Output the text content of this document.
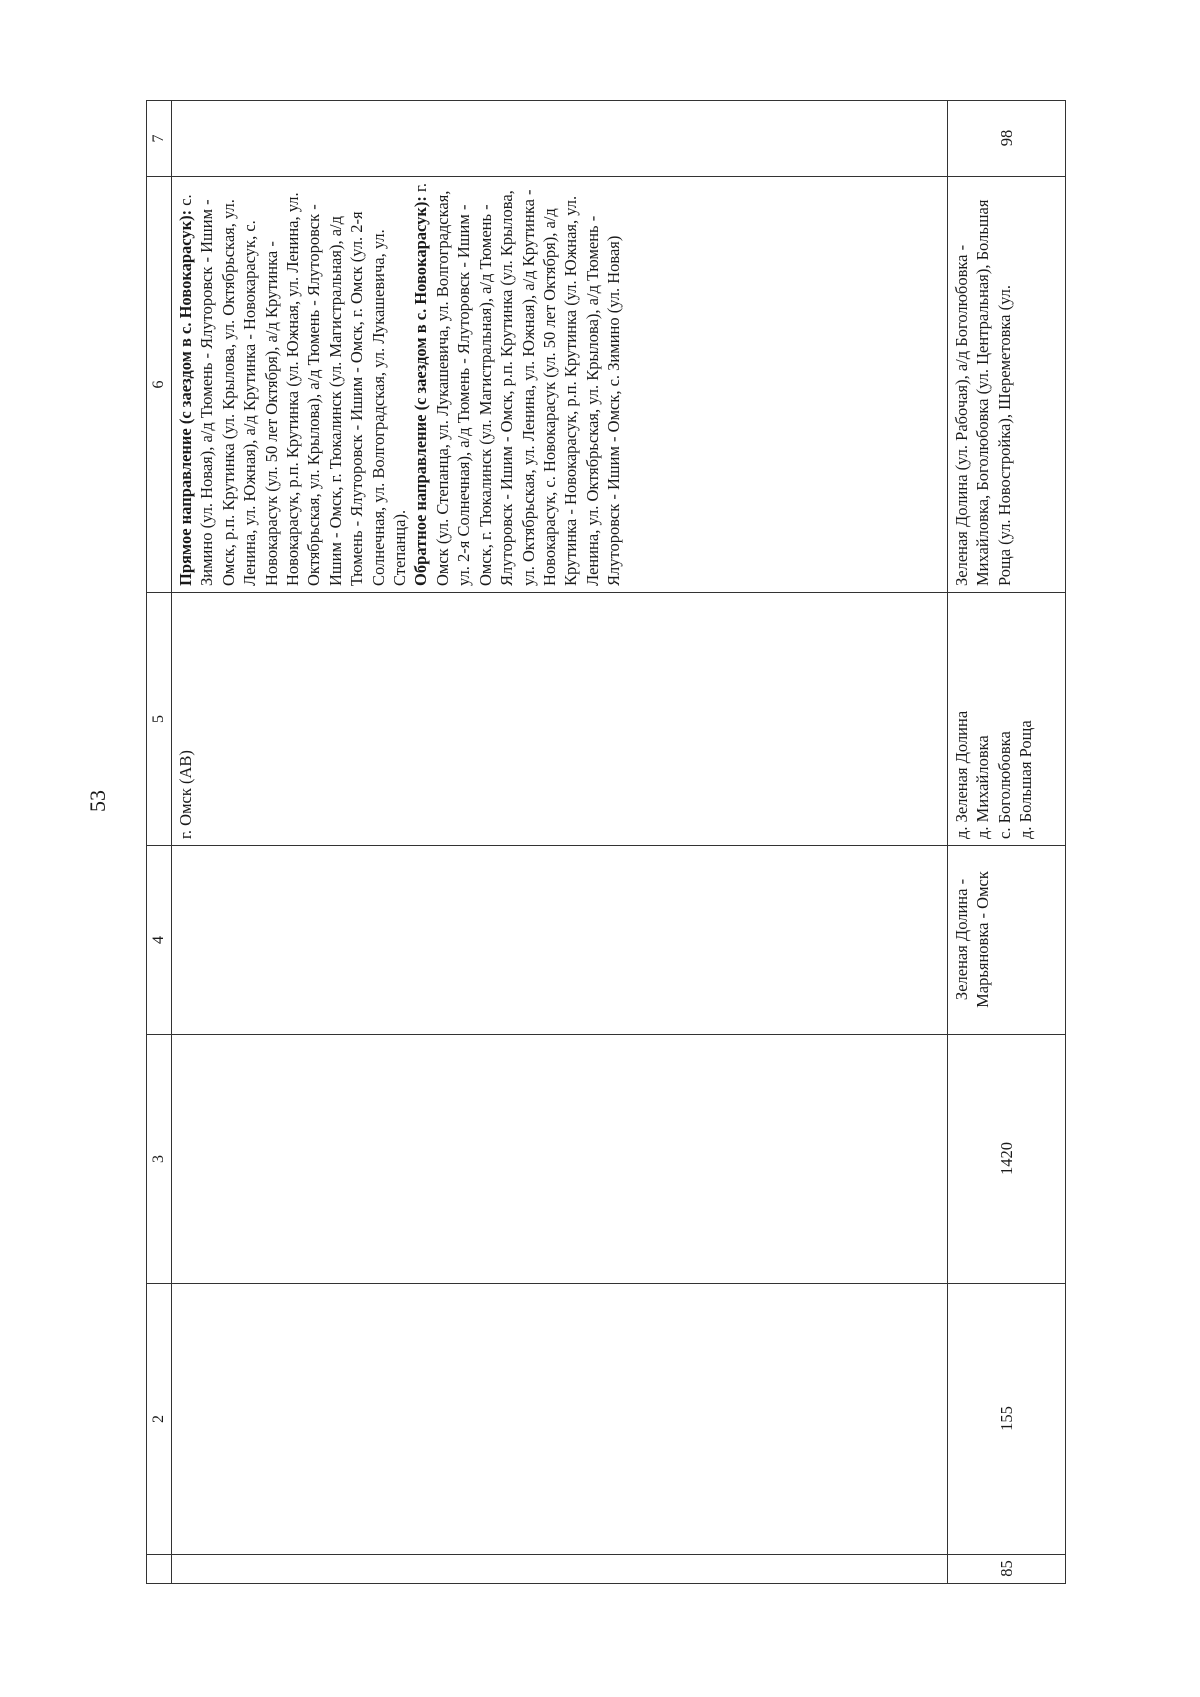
53
	2	3	4	5	6	7
				г. Омск (АВ)	Прямое направление (с заездом в с. Новокарасук): с. Зимино (ул. Новая), а/д Тюмень - Ялуторовск - Ишим - Омск, р.п. Крутинка (ул. Крылова, ул. Октябрьская, ул. Ленина, ул. Южная), а/д Крутинка - Новокарасук, с. Новокарасук (ул. 50 лет Октября), а/д Крутинка - Новокарасук, р.п. Крутинка (ул. Южная, ул. Ленина, ул. Октябрьская, ул. Крылова), а/д Тюмень - Ялуторовск - Ишим - Омск, г. Тюкалинск (ул. Магистральная), а/д Тюмень - Ялуторовск - Ишим - Омск, г. Омск (ул. 2-я Солнечная, ул. Волгоградская, ул. Лукашевича, ул. Степанца). Обратное направление (с заездом в с. Новокарасук): г. Омск (ул. Степанца, ул. Лукашевича, ул. Волгоградская, ул. 2-я Солнечная), а/д Тюмень - Ялуторовск - Ишим - Омск, г. Тюкалинск (ул. Магистральная), а/д Тюмень - Ялуторовск - Ишим - Омск, р.п. Крутинка (ул. Крылова, ул. Октябрьская, ул. Ленина, ул. Южная), а/д Крутинка - Новокарасук, с. Новокарасук (ул. 50 лет Октября), а/д Крутинка - Новокарасук, р.п. Крутинка (ул. Южная, ул. Ленина, ул. Октябрьская, ул. Крылова), а/д Тюмень - Ялуторовск - Ишим - Омск, с. Зимино (ул. Новая)	
85	155	1420	Зеленая Долина - Марьяновка - Омск	д. Зеленая Долина д. Михайловка с. Боголюбовка д. Большая Роща	Зеленая Долина (ул. Рабочая), а/д Боголюбовка - Михайловка, Боголюбовка (ул. Центральная), Большая Роща (ул. Новостройка), Шереметовка (ул.	98
